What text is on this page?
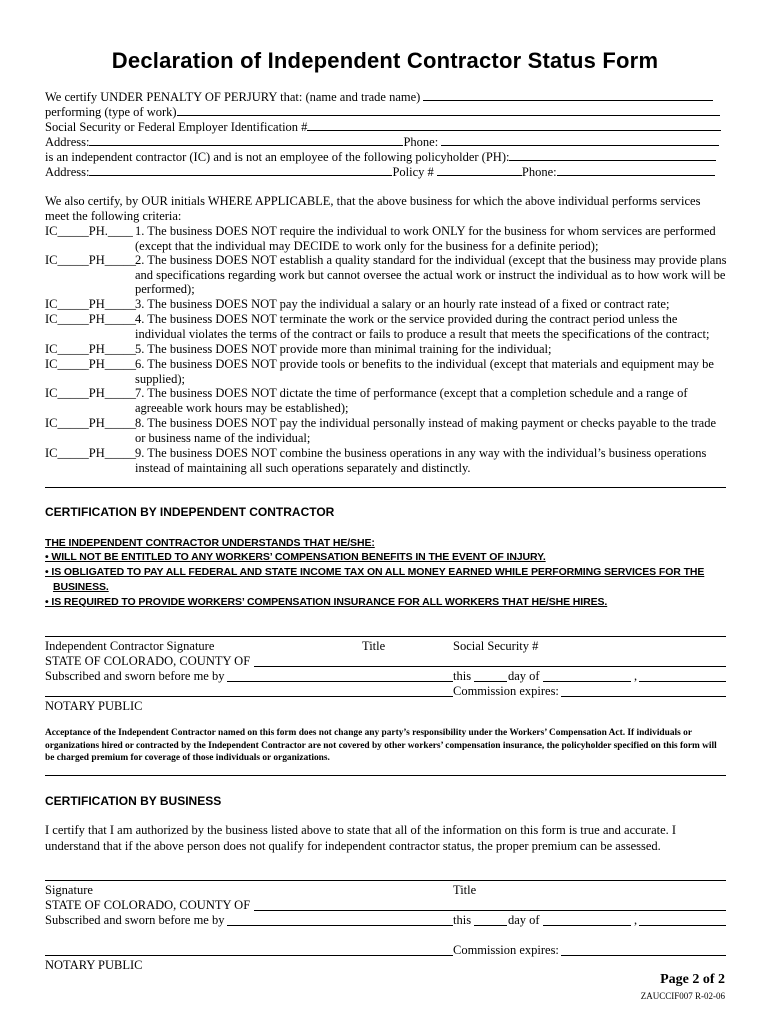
Declaration of Independent Contractor Status Form
We certify UNDER PENALTY OF PERJURY that: (name and trade name)
performing (type of work)
Social Security or Federal Employer Identification #
Address:	Phone:
is an independent contractor (IC) and is not an employee of the following policyholder (PH):
Address:	Policy #	Phone:
We also certify, by OUR initials WHERE APPLICABLE, that the above business for which the above individual performs services
meet the following criteria:
IC_____PH.____ 1. The business DOES NOT require the individual to work ONLY for the business for whom services are performed (except that the individual may DECIDE to work only for the business for a definite period);
IC_____PH_____ 2. The business DOES NOT establish a quality standard for the individual (except that the business may provide plans and specifications regarding work but cannot oversee the actual work or instruct the individual as to how work will be performed);
IC_____PH_____ 3. The business DOES NOT pay the individual a salary or an hourly rate instead of a fixed or contract rate;
IC_____PH_____ 4. The business DOES NOT terminate the work or the service provided during the contract period unless the individual violates the terms of the contract or fails to produce a result that meets the specifications of the contract;
IC_____PH_____ 5. The business DOES NOT provide more than minimal training for the individual;
IC_____PH_____ 6. The business DOES NOT provide tools or benefits to the individual (except that materials and equipment may be supplied);
IC_____PH_____ 7. The business DOES NOT dictate the time of performance (except that a completion schedule and a range of agreeable work hours may be established);
IC_____PH_____ 8. The business DOES NOT pay the individual personally instead of making payment or checks payable to the trade or business name of the individual;
IC_____PH_____ 9. The business DOES NOT combine the business operations in any way with the individual’s business operations instead of maintaining all such operations separately and distinctly.
CERTIFICATION BY INDEPENDENT CONTRACTOR
THE INDEPENDENT CONTRACTOR UNDERSTANDS THAT HE/SHE:
• WILL NOT BE ENTITLED TO ANY WORKERS’ COMPENSATION BENEFITS IN THE EVENT OF INJURY.
• IS OBLIGATED TO PAY ALL FEDERAL AND STATE INCOME TAX ON ALL MONEY EARNED WHILE PERFORMING SERVICES FOR THE
BUSINESS.
• IS REQUIRED TO PROVIDE WORKERS’ COMPENSATION INSURANCE FOR ALL WORKERS THAT HE/SHE HIRES.
Independent Contractor Signature	Title	Social Security #
STATE OF COLORADO, COUNTY OF
Subscribed and sworn before me by	this	day of	,
Commission expires:
NOTARY PUBLIC
Acceptance of the Independent Contractor named on this form does not change any party’s responsibility under the Workers’ Compensation Act. If individuals or organizations hired or contracted by the Independent Contractor are not covered by other workers’ compensation insurance, the policyholder specified on this form will be charged premium for coverage of those individuals or organizations.
CERTIFICATION BY BUSINESS
I certify that I am authorized by the business listed above to state that all of the information on this form is true and accurate. I understand that if the above person does not qualify for independent contractor status, the proper premium can be assessed.
Signature	Title
STATE OF COLORADO, COUNTY OF
Subscribed and sworn before me by	this	day of	,
Commission expires:
NOTARY PUBLIC
Page 2 of 2
ZAUCCIF007 R-02-06
